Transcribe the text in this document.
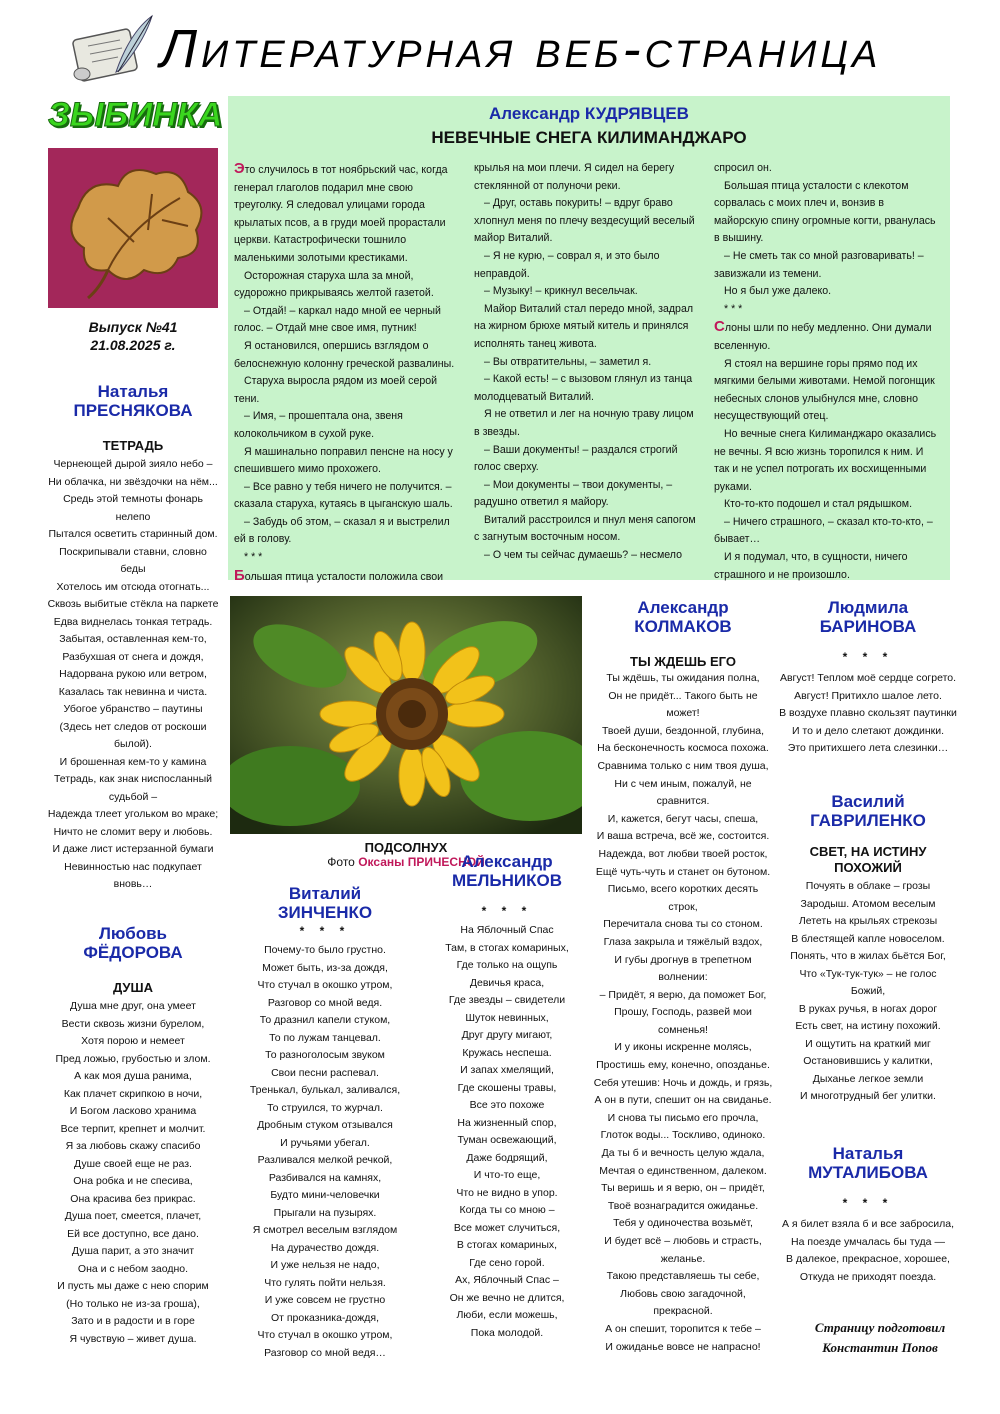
Литературная веб-страница
ЗЫБИНКА
Выпуск №41
21.08.2025 г.
Наталья
ПРЕСНЯКОВА
ТЕТРАДЬ
Чернеющей дырой зияло небо –
Ни облачка, ни звёздочки на нём...
Средь этой темноты фонарь
нелепо
Пытался осветить старинный дом.
Поскрипывали ставни, словно
беды
Хотелось им отсюда отогнать...
Сквозь выбитые стёкла на паркете
Едва виднелась тонкая тетрадь.
Забытая, оставленная кем-то,
Разбухшая от снега и дождя,
Надорвана рукою или ветром,
Казалась так невинна и чиста.
Убогое убранство – паутины
(Здесь нет следов от роскоши
былой).
И брошенная кем-то у камина
Тетрадь, как знак ниспосланный
судьбой –
Надежда тлеет угольком во мраке;
Ничто не сломит веру и любовь.
И даже лист истерзанной бумаги
Невинностью нас подкупает
вновь…
Любовь
ФЁДОРОВА
ДУША
Душа мне друг, она умеет
Вести сквозь жизни бурелом,
Хотя порою и немеет
Пред ложью, грубостью и злом.
А как моя душа ранима,
Как плачет скрипкою в ночи,
И Богом ласково хранима
Все терпит, крепнет и молчит.
Я за любовь скажу спасибо
Душе своей еще не раз.
Она робка и не спесива,
Она красива без прикрас.
Душа поет, смеется, плачет,
Ей все доступно, все дано.
Душа парит, а это значит
Она и с небом заодно.
И пусть мы даже с нею спорим
(Но только не из-за гроша),
Зато и в радости и в горе
Я чувствую – живет душа.
Александр КУДРЯВЦЕВ
НЕВЕЧНЫЕ СНЕГА КИЛИМАНДЖАРО

Это случилось в тот ноябрьский час, когда генерал глаголов подарил мне свою треуголку. Я следовал улицами города крылатых псов, а в груди моей прорастали церкви. Катастрофически тошнило маленькими золотыми крестиками.

Осторожная старуха шла за мной, судорожно прикрываясь желтой газетой.

– Отдай! – каркал надо мной ее черный голос. – Отдай мне свое имя, путник!

Я остановился, опершись взглядом о белоснежную колонну греческой развалины.

Старуха выросла рядом из моей серой тени.

– Имя, – прошептала она, звеня колокольчиком в сухой руке.

Я машинально поправил пенсне на носу у спешившего мимо прохожего.

– Все равно у тебя ничего не получится. – сказала старуха, кутаясь в цыганскую шаль.

– Забудь об этом, – сказал я и выстрелил ей в голову.

* * *

Большая птица усталости положила свои

крылья на мои плечи. Я сидел на берегу стеклянной от полуночи реки.

– Друг, оставь покурить! – вдруг браво хлопнул меня по плечу вездесущий веселый майор Виталий.

– Я не курю, – соврал я, и это было неправдой.

– Музыку! – крикнул весельчак.

Майор Виталий стал передо мной, задрал на жирном брюхе мятый китель и принялся исполнять танец живота.

– Вы отвратительны, – заметил я.

– Какой есть! – с вызовом глянул из танца молодцеватый Виталий.

Я не ответил и лег на ночную траву лицом в звезды.

– Ваши документы! – раздался строгий голос сверху.

– Мои документы – твои документы, – радушно ответил я майору.

Виталий расстроился и пнул меня сапогом с загнутым восточным носом.

– О чем ты сейчас думаешь? – несмело

спросил он.

Большая птица усталости с клекотом сорвалась с моих плеч и, вонзив в майорскую спину огромные когти, рванулась в вышину.

– Не сметь так со мной разговаривать! – завизжали из темени.

Но я был уже далеко.

* * *

Слоны шли по небу медленно. Они думали вселенную.

Я стоял на вершине горы прямо под их мягкими белыми животами. Немой погонщик небесных слонов улыбнулся мне, словно несуществующий отец.

Но вечные снега Килиманджаро оказались не вечны. Я всю жизнь торопился к ним. И так и не успел потрогать их восхищенными руками.

Кто-то-кто подошел и стал рядышком.

– Ничего страшного, – сказал кто-то-кто, – бывает…

И я подумал, что, в сущности, ничего страшного и не произошло.

ПОДСОЛНУХ
Фото Оксаны ПРИЧЕСНОЙ
Виталий
ЗИНЧЕНКО
* * *
Почему-то было грустно.
Может быть, из-за дождя,
Что стучал в окошко утром,
Разговор со мной ведя.
То дразнил капели стуком,
То по лужам танцевал.
То разноголосым звуком
Свои песни распевал.
Тренькал, булькал, заливался,
То струился, то журчал.
Дробным стуком отзывался
И ручьями убегал.
Разливался мелкой речкой,
Разбивался на камнях,
Будто мини-человечки
Прыгали на пузырях.
Я смотрел веселым взглядом
На дурачество дождя.
И уже нельзя не надо,
Что гулять пойти нельзя.
И уже совсем не грустно
От проказника-дождя,
Что стучал в окошко утром,
Разговор со мной ведя…
Александр
МЕЛЬНИКОВ
* * *
На Яблочный Спас
Там, в стогах комариных,
Где только на ощупь
Девичья краса,
Где звезды – свидетели
Шуток невинных,
Друг другу мигают,
Кружась неспеша.
И запах хмелящий,
Где скошены травы,
Все это похоже
На жизненный спор,
Туман освежающий,
Даже бодрящий,
И что-то еще,
Что не видно в упор.
Когда ты со мною –
Все может случиться,
В стогах комариных,
Где сено горой.
Ах, Яблочный Спас –
Он же вечно не длится,
Люби, если можешь,
Пока молодой.
Александр
КОЛМАКОВ
ТЫ ЖДЕШЬ ЕГО
Ты ждёшь, ты ожидания полна,
Он не придёт... Такого быть не
может!
Твоей души, бездонной, глубина,
На бесконечность космоса похожа.
Сравнима только с ним твоя душа,
Ни с чем иным, пожалуй, не
сравнится.
И, кажется, бегут часы, спеша,
И ваша встреча, всё же, состоится.
Надежда, вот любви твоей росток,
Ещё чуть-чуть и станет он бутоном.
Письмо, всего коротких десять
строк,
Перечитала снова ты со стоном.
Глаза закрыла и тяжёлый вздох,
И губы дрогнув в трепетном
волнении:
– Придёт, я верю, да поможет Бог,
Прошу, Господь, развей мои
сомненья!
И у иконы искренне молясь,
Простишь ему, конечно, опозданье.
Себя утешив: Ночь и дождь, и грязь,
А он в пути, спешит он на свиданье.
И снова ты письмо его прочла,
Глоток воды... Тоскливо, одиноко.
Да ты б и вечность целую ждала,
Мечтая о единственном, далеком.
Ты веришь и я верю, он – придёт,
Твоё вознаградится ожиданье.
Тебя у одиночества возьмёт,
И будет всё – любовь и страсть,
желанье.
Такою представляешь ты себе,
Любовь свою загадочной,
прекрасной.
А он спешит, торопится к тебе –
И ожиданье вовсе не напрасно!
Людмила
БАРИНОВА
* * *
Август! Теплом моё сердце согрето.
Август! Притихло шалое лето.
В воздухе плавно скользят паутинки
И то и дело слетают дождинки.
Это притихшего лета слезинки…
Василий
ГАВРИЛЕНКО
СВЕТ, НА ИСТИНУ
ПОХОЖИЙ
Почуять в облаке – грозы
Зародыш. Атомом веселым
Лететь на крыльях стрекозы
В блестящей капле новоселом.
Понять, что в жилах бьётся Бог,
Что «Тук-тук-тук» – не голос
Божий,
В руках ручья, в ногах дорог
Есть свет, на истину похожий.
И ощутить на краткий миг
Остановившись у калитки,
Дыханье легкое земли
И многотрудный бег улитки.
Наталья
МУТАЛИБОВА
* * *
А я билет взяла б и все забросила,
На поезде умчалась бы туда —
В далекое, прекрасное, хорошее,
Откуда не приходят поезда.
Страницу подготовил
Константин Попов
